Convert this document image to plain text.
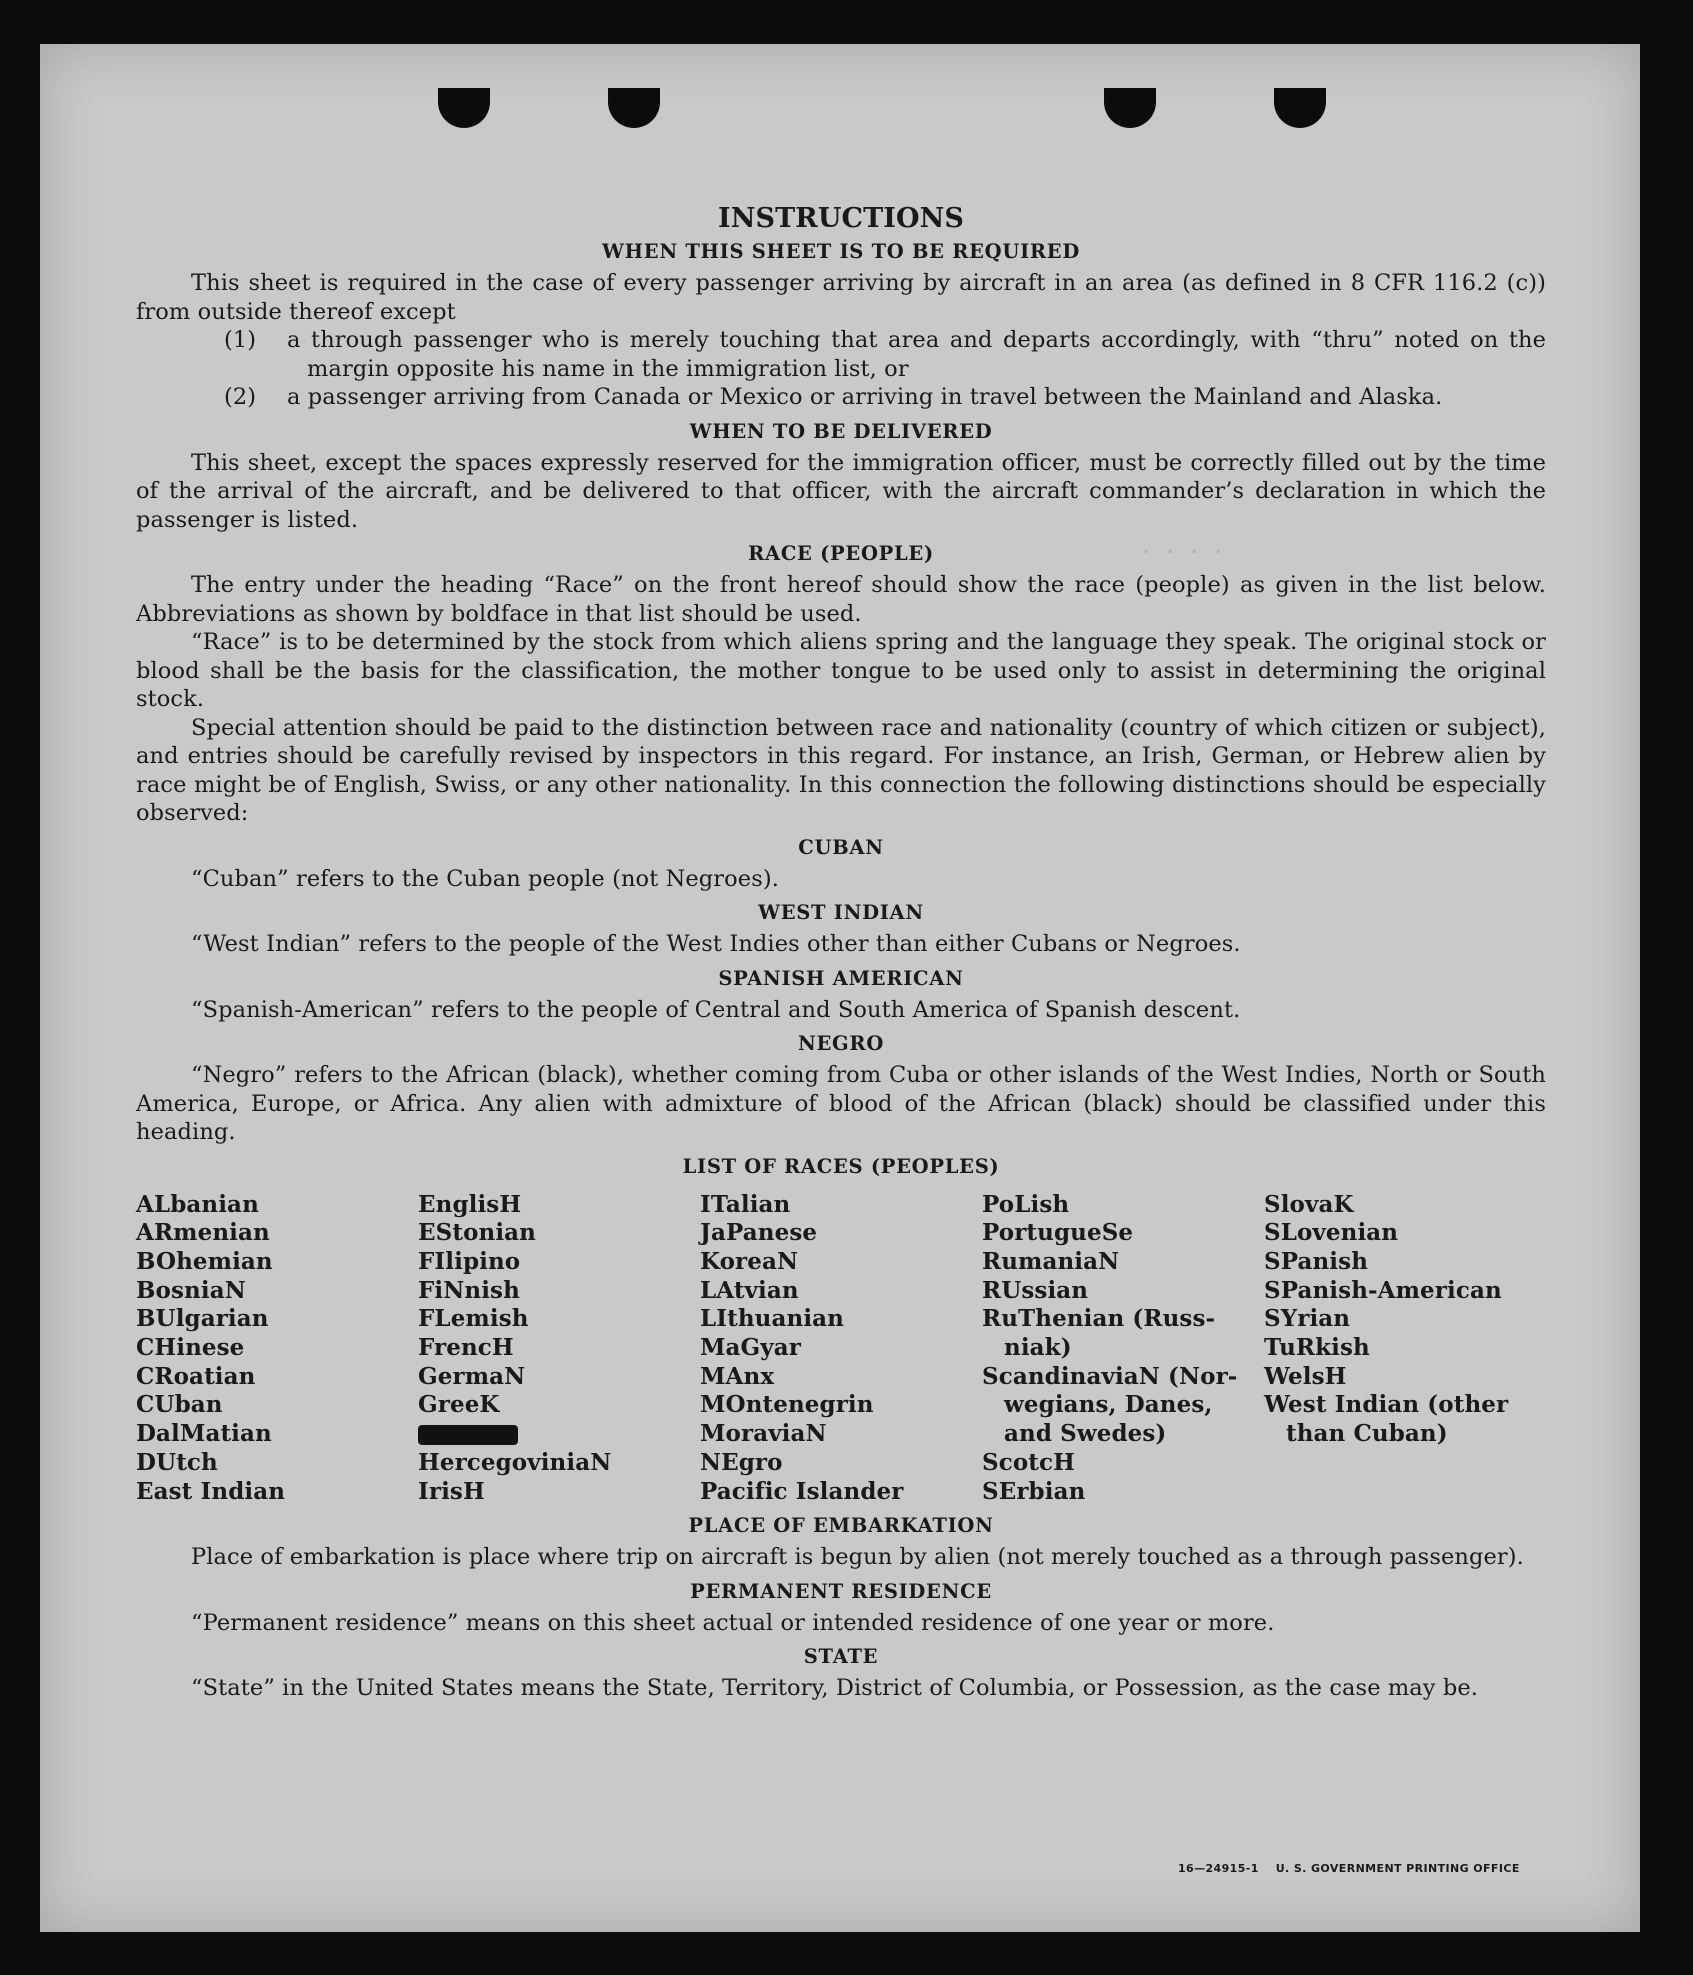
. . . .
INSTRUCTIONS
WHEN THIS SHEET IS TO BE REQUIRED

This sheet is required in the case of every passenger arriving by aircraft in an area (as defined in 8 CFR 116.2 (c)) from outside thereof except

(1) a through passenger who is merely touching that area and departs accordingly, with “thru” noted on the margin opposite his name in the immigration list, or
(2) a passenger arriving from Canada or Mexico or arriving in travel between the Mainland and Alaska.
WHEN TO BE DELIVERED

This sheet, except the spaces expressly reserved for the immigration officer, must be correctly filled out by the time of the arrival of the aircraft, and be delivered to that officer, with the aircraft commander’s declaration in which the passenger is listed.

RACE (PEOPLE)

The entry under the heading “Race” on the front hereof should show the race (people) as given in the list below. Abbreviations as shown by boldface in that list should be used.

“Race” is to be determined by the stock from which aliens spring and the language they speak. The original stock or blood shall be the basis for the classification, the mother tongue to be used only to assist in determining the original stock.

Special attention should be paid to the distinction between race and nationality (country of which citizen or subject), and entries should be carefully revised by inspectors in this regard. For instance, an Irish, German, or Hebrew alien by race might be of English, Swiss, or any other nationality. In this connection the following distinctions should be especially observed:

CUBAN

“Cuban” refers to the Cuban people (not Negroes).

WEST INDIAN

“West Indian” refers to the people of the West Indies other than either Cubans or Negroes.

SPANISH AMERICAN

“Spanish-American” refers to the people of Central and South America of Spanish descent.

NEGRO

“Negro” refers to the African (black), whether coming from Cuba or other islands of the West Indies, North or South America, Europe, or Africa. Any alien with admixture of blood of the African (black) should be classified under this heading.

LIST OF RACES (PEOPLES)
ALbanian
ARmenian
BOhemian
BosniaN
BUlgarian
CHinese
CRoatian
CUban
DalMatian
DUtch
East Indian
EnglisH
EStonian
FIlipino
FiNnish
FLemish
FrencH
GermaN
GreeK
HercegoviniaN
IrisH
ITalian
JaPanese
KoreaN
LAtvian
LIthuanian
MaGyar
MAnx
MOntenegrin
MoraviaN
NEgro
Pacific Islander
PoLish
PortugueSe
RumaniaN
RUssian
RuThenian (Russ-
niak)
ScandinaviaN (Nor-
wegians, Danes,
and Swedes)
ScotcH
SErbian
SlovaK
SLovenian
SPanish
SPanish-American
SYrian
TuRkish
WelsH
West Indian (other
than Cuban)
PLACE OF EMBARKATION

Place of embarkation is place where trip on aircraft is begun by alien (not merely touched as a through passenger).

PERMANENT RESIDENCE

“Permanent residence” means on this sheet actual or intended residence of one year or more.

STATE

“State” in the United States means the State, Territory, District of Columbia, or Possession, as the case may be.

16—24915-1 U. S. GOVERNMENT PRINTING OFFICE
